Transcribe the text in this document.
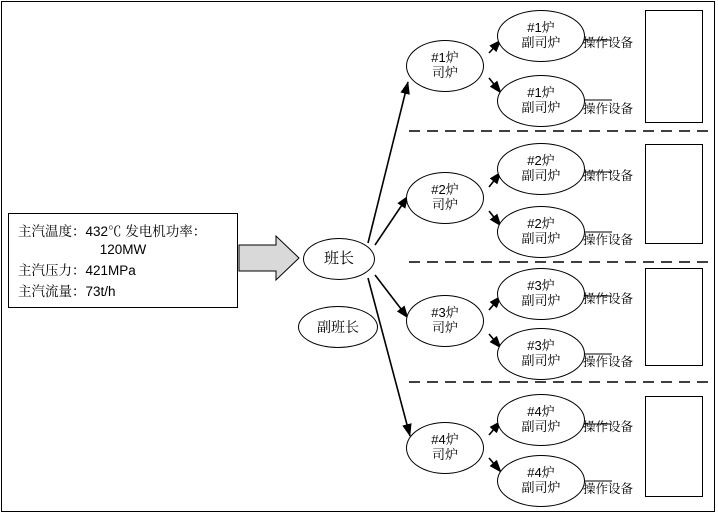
主汽温度：432℃ 发电机功率：
120MW
主汽压力：421MPa
主汽流量：73t/h
班长
副班长
#1炉
司炉
#1炉
副司炉
#1炉
副司炉
操作设备
操作设备
#2炉
司炉
#2炉
副司炉
#2炉
副司炉
操作设备
操作设备
#3炉
司炉
#3炉
副司炉
#3炉
副司炉
操作设备
操作设备
#4炉
司炉
#4炉
副司炉
#4炉
副司炉
操作设备
操作设备
